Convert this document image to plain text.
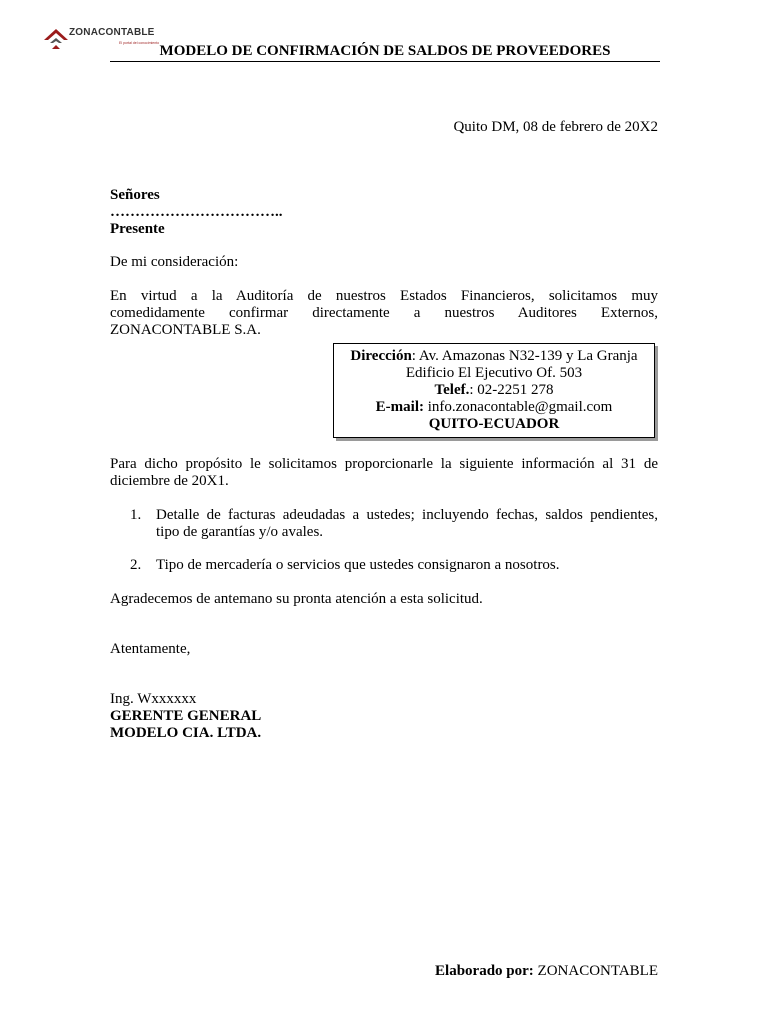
ZONACONTABLE
El portal del conocimiento MODELO DE CONFIRMACIÓN DE SALDOS DE PROVEEDORES
Quito DM, 08 de febrero de 20X2
Señores
……………………………..
Presente
De mi consideración:
En virtud a la Auditoría de nuestros Estados Financieros, solicitamos muy
comedidamente confirmar directamente a nuestros Auditores Externos,
ZONACONTABLE S.A.
Dirección: Av. Amazonas N32-139 y La Granja
Edificio El Ejecutivo Of. 503
Telef.: 02-2251 278
E-mail: info.zonacontable@gmail.com
QUITO-ECUADOR
Para dicho propósito le solicitamos proporcionarle la siguiente información al 31 de
diciembre de 20X1.
1. Detalle de facturas adeudadas a ustedes; incluyendo fechas, saldos pendientes,
tipo de garantías y/o avales.
2. Tipo de mercadería o servicios que ustedes consignaron a nosotros.
Agradecemos de antemano su pronta atención a esta solicitud.
Atentamente,
Ing. Wxxxxxx
GERENTE GENERAL
MODELO CIA. LTDA.
Elaborado por: ZONACONTABLE
